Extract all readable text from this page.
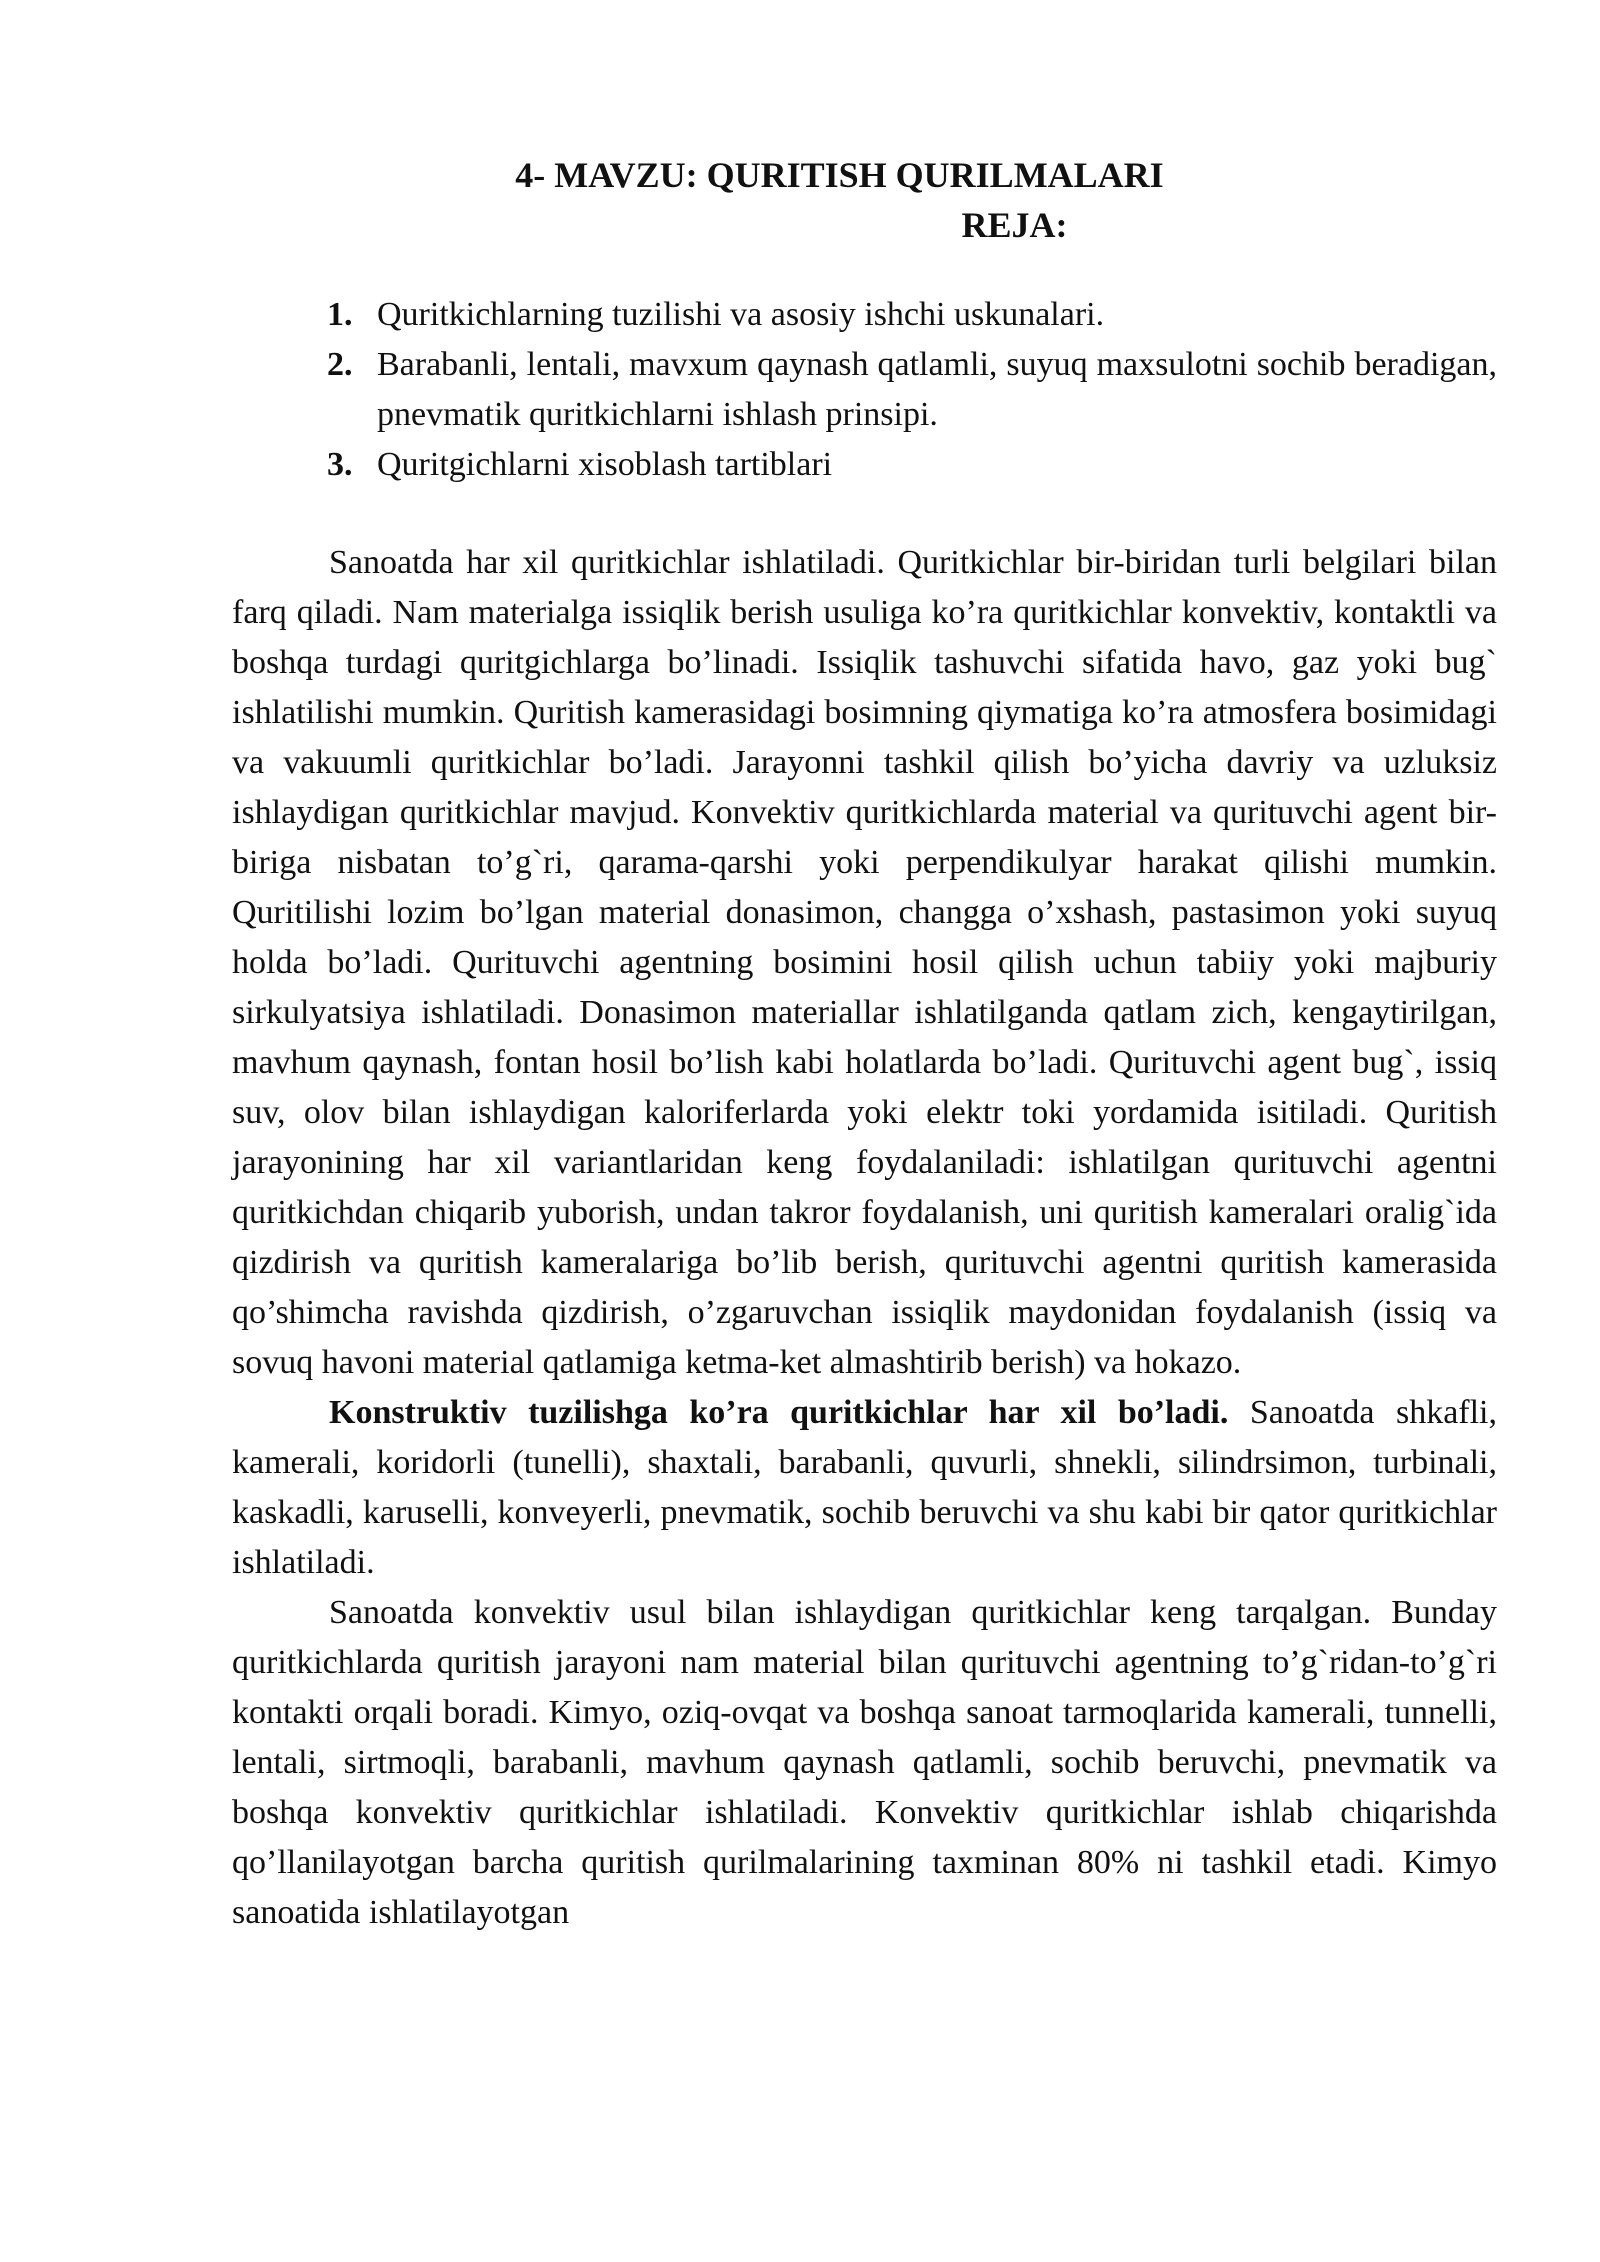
4- MAVZU: QURITISH QURILMALARI
REJA:
1. Quritkichlarning tuzilishi va asosiy ishchi uskunalari.
2. Barabanli, lentali, mavxum qaynash qatlamli, suyuq maxsulotni sochib beradigan, pnevmatik quritkichlarni ishlash prinsipi.
3. Quritgichlarni xisoblash tartiblari

Sanoatda har xil quritkichlar ishlatiladi. Quritkichlar bir-biridan turli belgilari bilan farq qiladi. Nam materialga issiqlik berish usuliga ko’ra quritkichlar konvektiv, kontaktli va boshqa turdagi quritgichlarga bo’linadi. Issiqlik tashuvchi sifatida havo, gaz yoki bug` ishlatilishi mumkin. Quritish kamerasidagi bosimning qiymatiga ko’ra atmosfera bosimidagi va vakuumli quritkichlar bo’ladi. Jarayonni tashkil qilish bo’yicha davriy va uzluksiz ishlaydigan quritkichlar mavjud. Konvektiv quritkichlarda material va qurituvchi agent bir-biriga nisbatan to’g`ri, qarama-qarshi yoki perpendikulyar harakat qilishi mumkin. Quritilishi lozim bo’lgan material donasimon, changga o’xshash, pastasimon yoki suyuq holda bo’ladi. Qurituvchi agentning bosimini hosil qilish uchun tabiiy yoki majburiy sirkulyatsiya ishlatiladi. Donasimon materiallar ishlatilganda qatlam zich, kengaytirilgan, mavhum qaynash, fontan hosil bo’lish kabi holatlarda bo’ladi. Qurituvchi agent bug`, issiq suv, olov bilan ishlaydigan kaloriferlarda yoki elektr toki yordamida isitiladi. Quritish jarayonining har xil variantlaridan keng foydalaniladi: ishlatilgan qurituvchi agentni quritkichdan chiqarib yuborish, undan takror foydalanish, uni quritish kameralari oralig`ida qizdirish va quritish kameralariga bo’lib berish, qurituvchi agentni quritish kamerasida qo’shimcha ravishda qizdirish, o’zgaruvchan issiqlik maydonidan foydalanish (issiq va sovuq havoni material qatlamiga ketma-ket almashtirib berish) va hokazo.

Konstruktiv tuzilishga ko’ra quritkichlar har xil bo’ladi. Sanoatda shkafli, kamerali, koridorli (tunelli), shaxtali, barabanli, quvurli, shnekli, silindrsimon, turbinali, kaskadli, karuselli, konveyerli, pnevmatik, sochib beruvchi va shu kabi bir qator quritkichlar ishlatiladi.

Sanoatda konvektiv usul bilan ishlaydigan quritkichlar keng tarqalgan. Bunday quritkichlarda quritish jarayoni nam material bilan qurituvchi agentning to’g`ridan-to’g`ri kontakti orqali boradi. Kimyo, oziq-ovqat va boshqa sanoat tarmoqlarida kamerali, tunnelli, lentali, sirtmoqli, barabanli, mavhum qaynash qatlamli, sochib beruvchi, pnevmatik va boshqa konvektiv quritkichlar ishlatiladi. Konvektiv quritkichlar ishlab chiqarishda qo’llanilayotgan barcha quritish qurilmalarining taxminan 80% ni tashkil etadi. Kimyo sanoatida ishlatilayotgan
